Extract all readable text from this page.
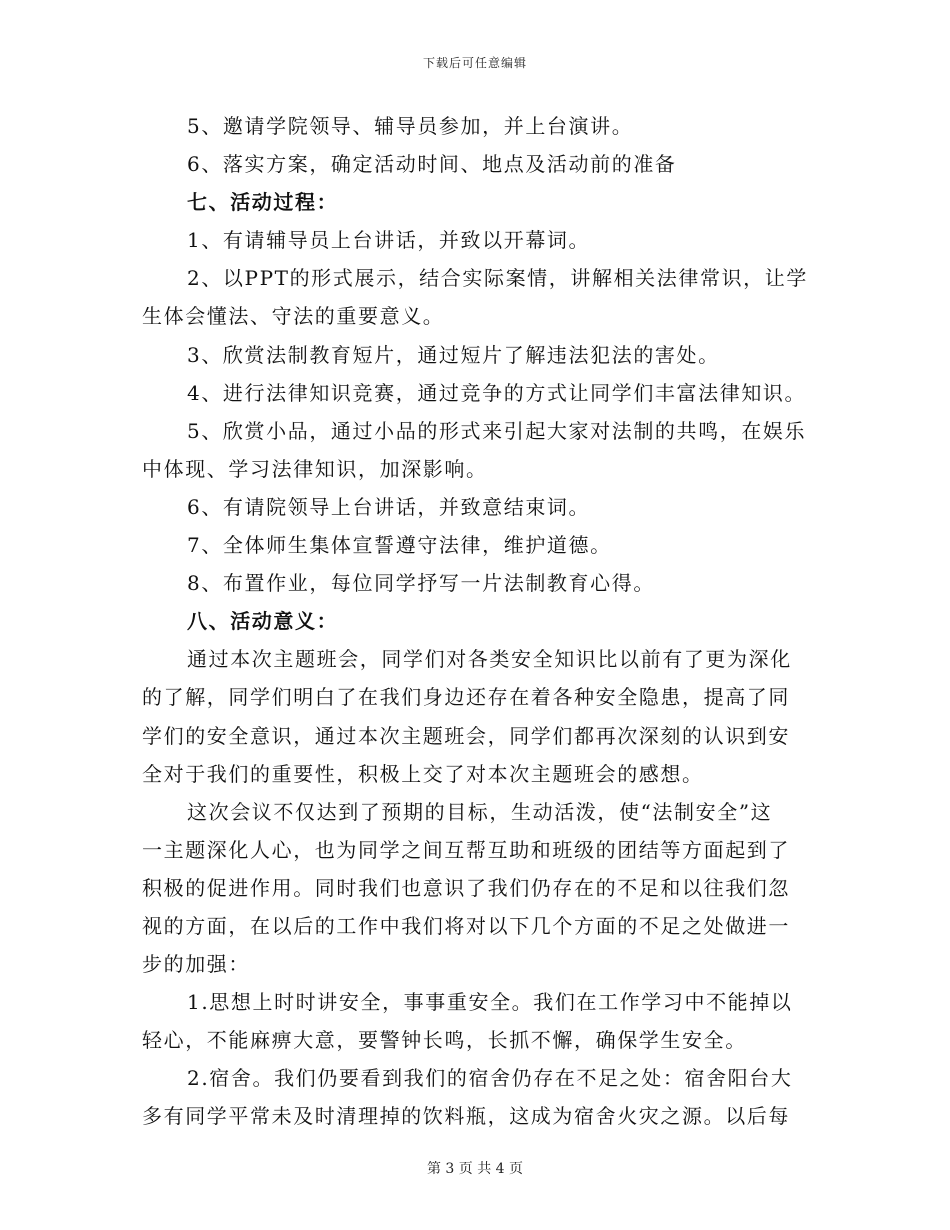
下载后可任意编辑
5、邀请学院领导、辅导员参加，并上台演讲。
6、落实方案，确定活动时间、地点及活动前的准备
七、活动过程：
1、有请辅导员上台讲话，并致以开幕词。
2、以PPT的形式展示，结合实际案情，讲解相关法律常识，让学
生体会懂法、守法的重要意义。
3、欣赏法制教育短片，通过短片了解违法犯法的害处。
4、进行法律知识竞赛，通过竞争的方式让同学们丰富法律知识。
5、欣赏小品，通过小品的形式来引起大家对法制的共鸣，在娱乐
中体现、学习法律知识，加深影响。
6、有请院领导上台讲话，并致意结束词。
7、全体师生集体宣誓遵守法律，维护道德。
8、布置作业，每位同学抒写一片法制教育心得。
八、活动意义：
通过本次主题班会，同学们对各类安全知识比以前有了更为深化
的了解，同学们明白了在我们身边还存在着各种安全隐患，提高了同
学们的安全意识，通过本次主题班会，同学们都再次深刻的认识到安
全对于我们的重要性，积极上交了对本次主题班会的感想。
这次会议不仅达到了预期的目标，生动活泼，使“法制安全”这
一主题深化人心，也为同学之间互帮互助和班级的团结等方面起到了
积极的促进作用。同时我们也意识了我们仍存在的不足和以往我们忽
视的方面，在以后的工作中我们将对以下几个方面的不足之处做进一
步的加强：
1.思想上时时讲安全，事事重安全。我们在工作学习中不能掉以
轻心，不能麻痹大意，要警钟长鸣，长抓不懈，确保学生安全。
2.宿舍。我们仍要看到我们的宿舍仍存在不足之处：宿舍阳台大
多有同学平常未及时清理掉的饮料瓶，这成为宿舍火灾之源。以后每
第 3 页 共 4 页
